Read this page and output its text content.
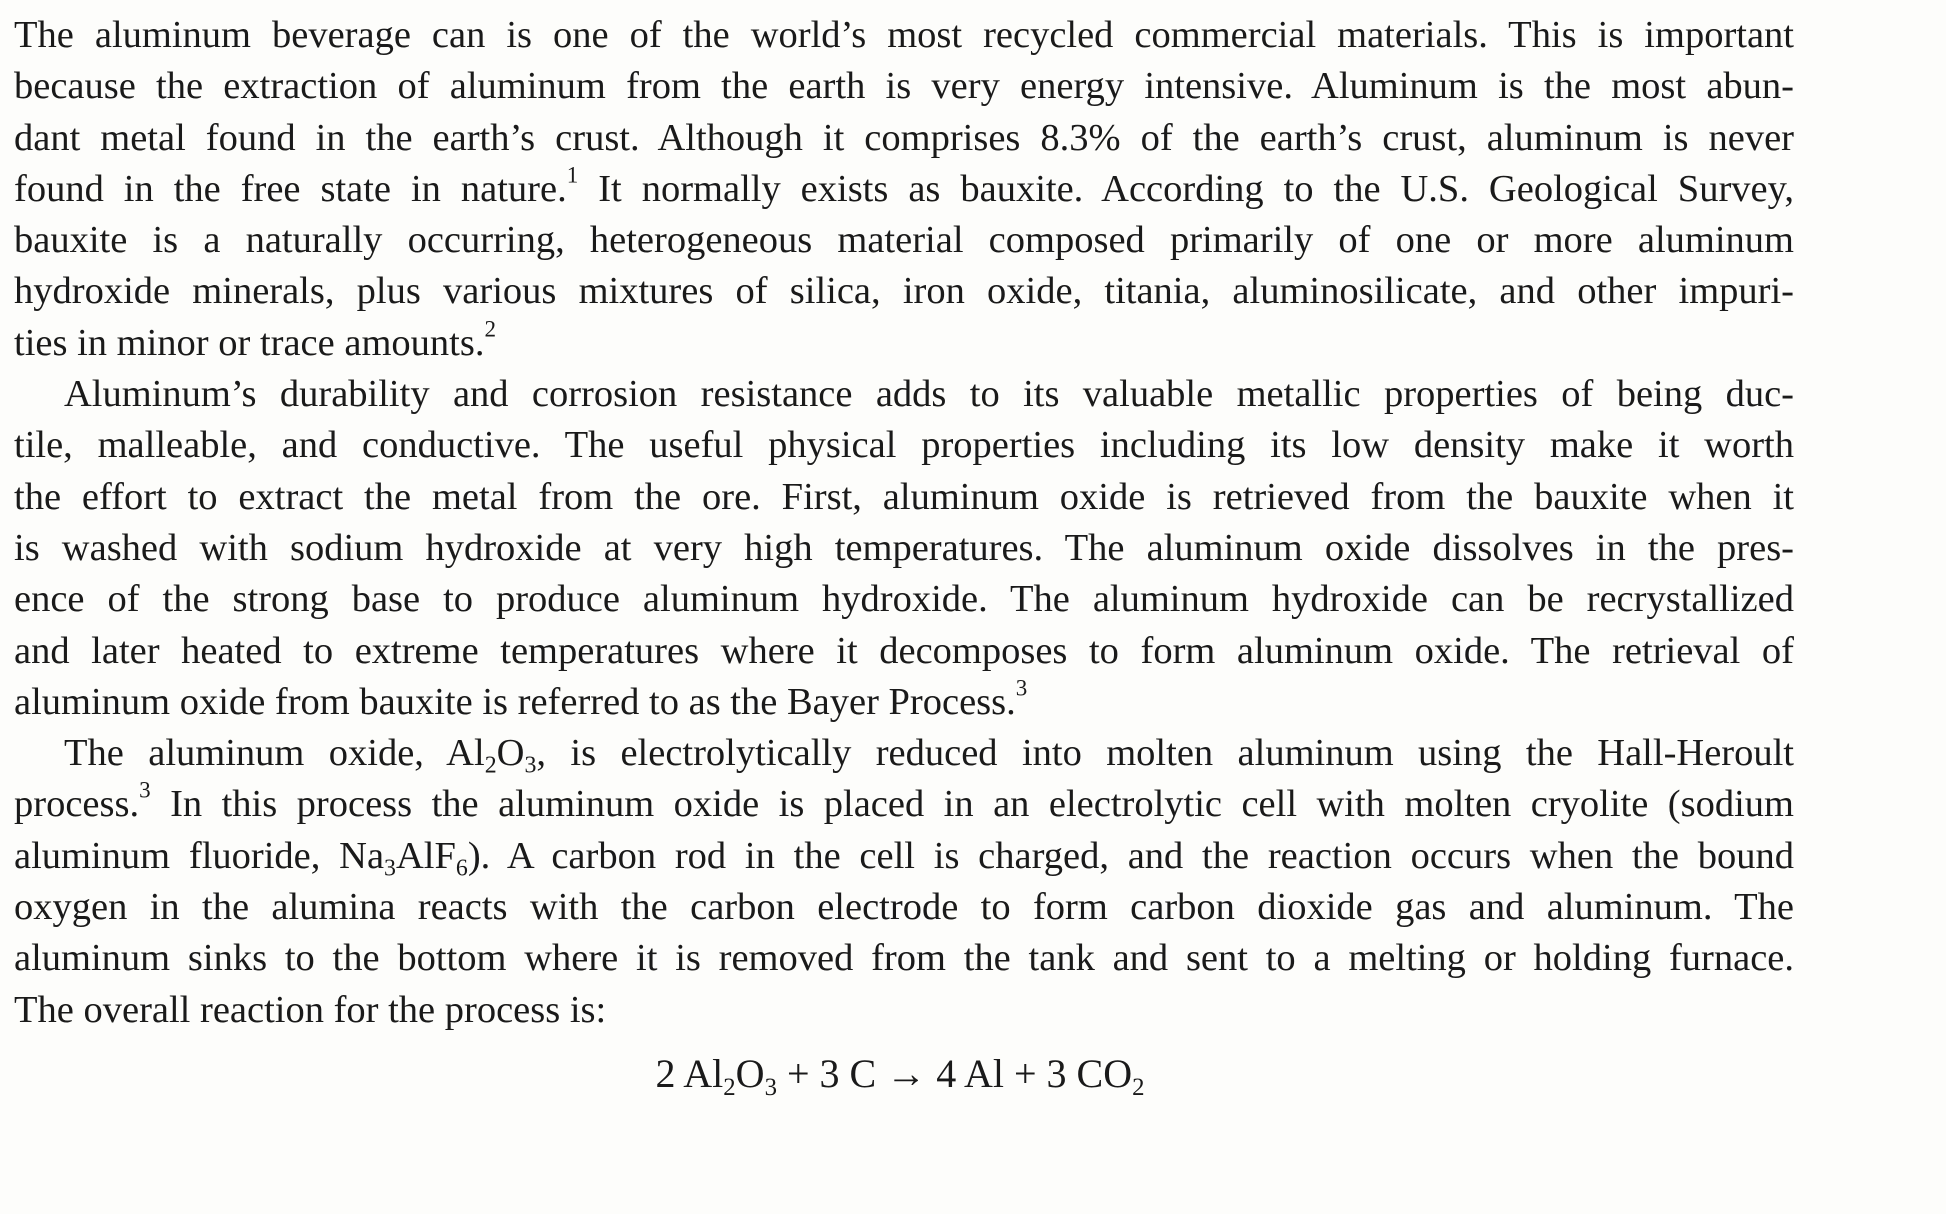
The aluminum beverage can is one of the world’s most recycled commercial materials. This is important
because the extraction of aluminum from the earth is very energy intensive. Aluminum is the most abun-
dant metal found in the earth’s crust. Although it comprises 8.3% of the earth’s crust, aluminum is never
found in the free state in nature.$^1$ It normally exists as bauxite. According to the U.S. Geological Survey,
bauxite is a naturally occurring, heterogeneous material composed primarily of one or more aluminum
hydroxide minerals, plus various mixtures of silica, iron oxide, titania, aluminosilicate, and other impuri-
ties in minor or trace amounts.$^2$
Aluminum’s durability and corrosion resistance adds to its valuable metallic properties of being duc-
tile, malleable, and conductive. The useful physical properties including its low density make it worth
the effort to extract the metal from the ore. First, aluminum oxide is retrieved from the bauxite when it
is washed with sodium hydroxide at very high temperatures. The aluminum oxide dissolves in the pres-
ence of the strong base to produce aluminum hydroxide. The aluminum hydroxide can be recrystallized
and later heated to extreme temperatures where it decomposes to form aluminum oxide. The retrieval of
aluminum oxide from bauxite is referred to as the Bayer Process.$^3$
The aluminum oxide, $Al_2O_3$, is electrolytically reduced into molten aluminum using the Hall-Heroult
process.$^3$ In this process the aluminum oxide is placed in an electrolytic cell with molten cryolite (sodium
aluminum fluoride, $Na_3AlF_6$). A carbon rod in the cell is charged, and the reaction occurs when the bound
oxygen in the alumina reacts with the carbon electrode to form carbon dioxide gas and aluminum. The
aluminum sinks to the bottom where it is removed from the tank and sent to a melting or holding furnace.
The overall reaction for the process is:
2 $Al_2O_3 + 3$ C → 4 Al + 3 $CO_2$
